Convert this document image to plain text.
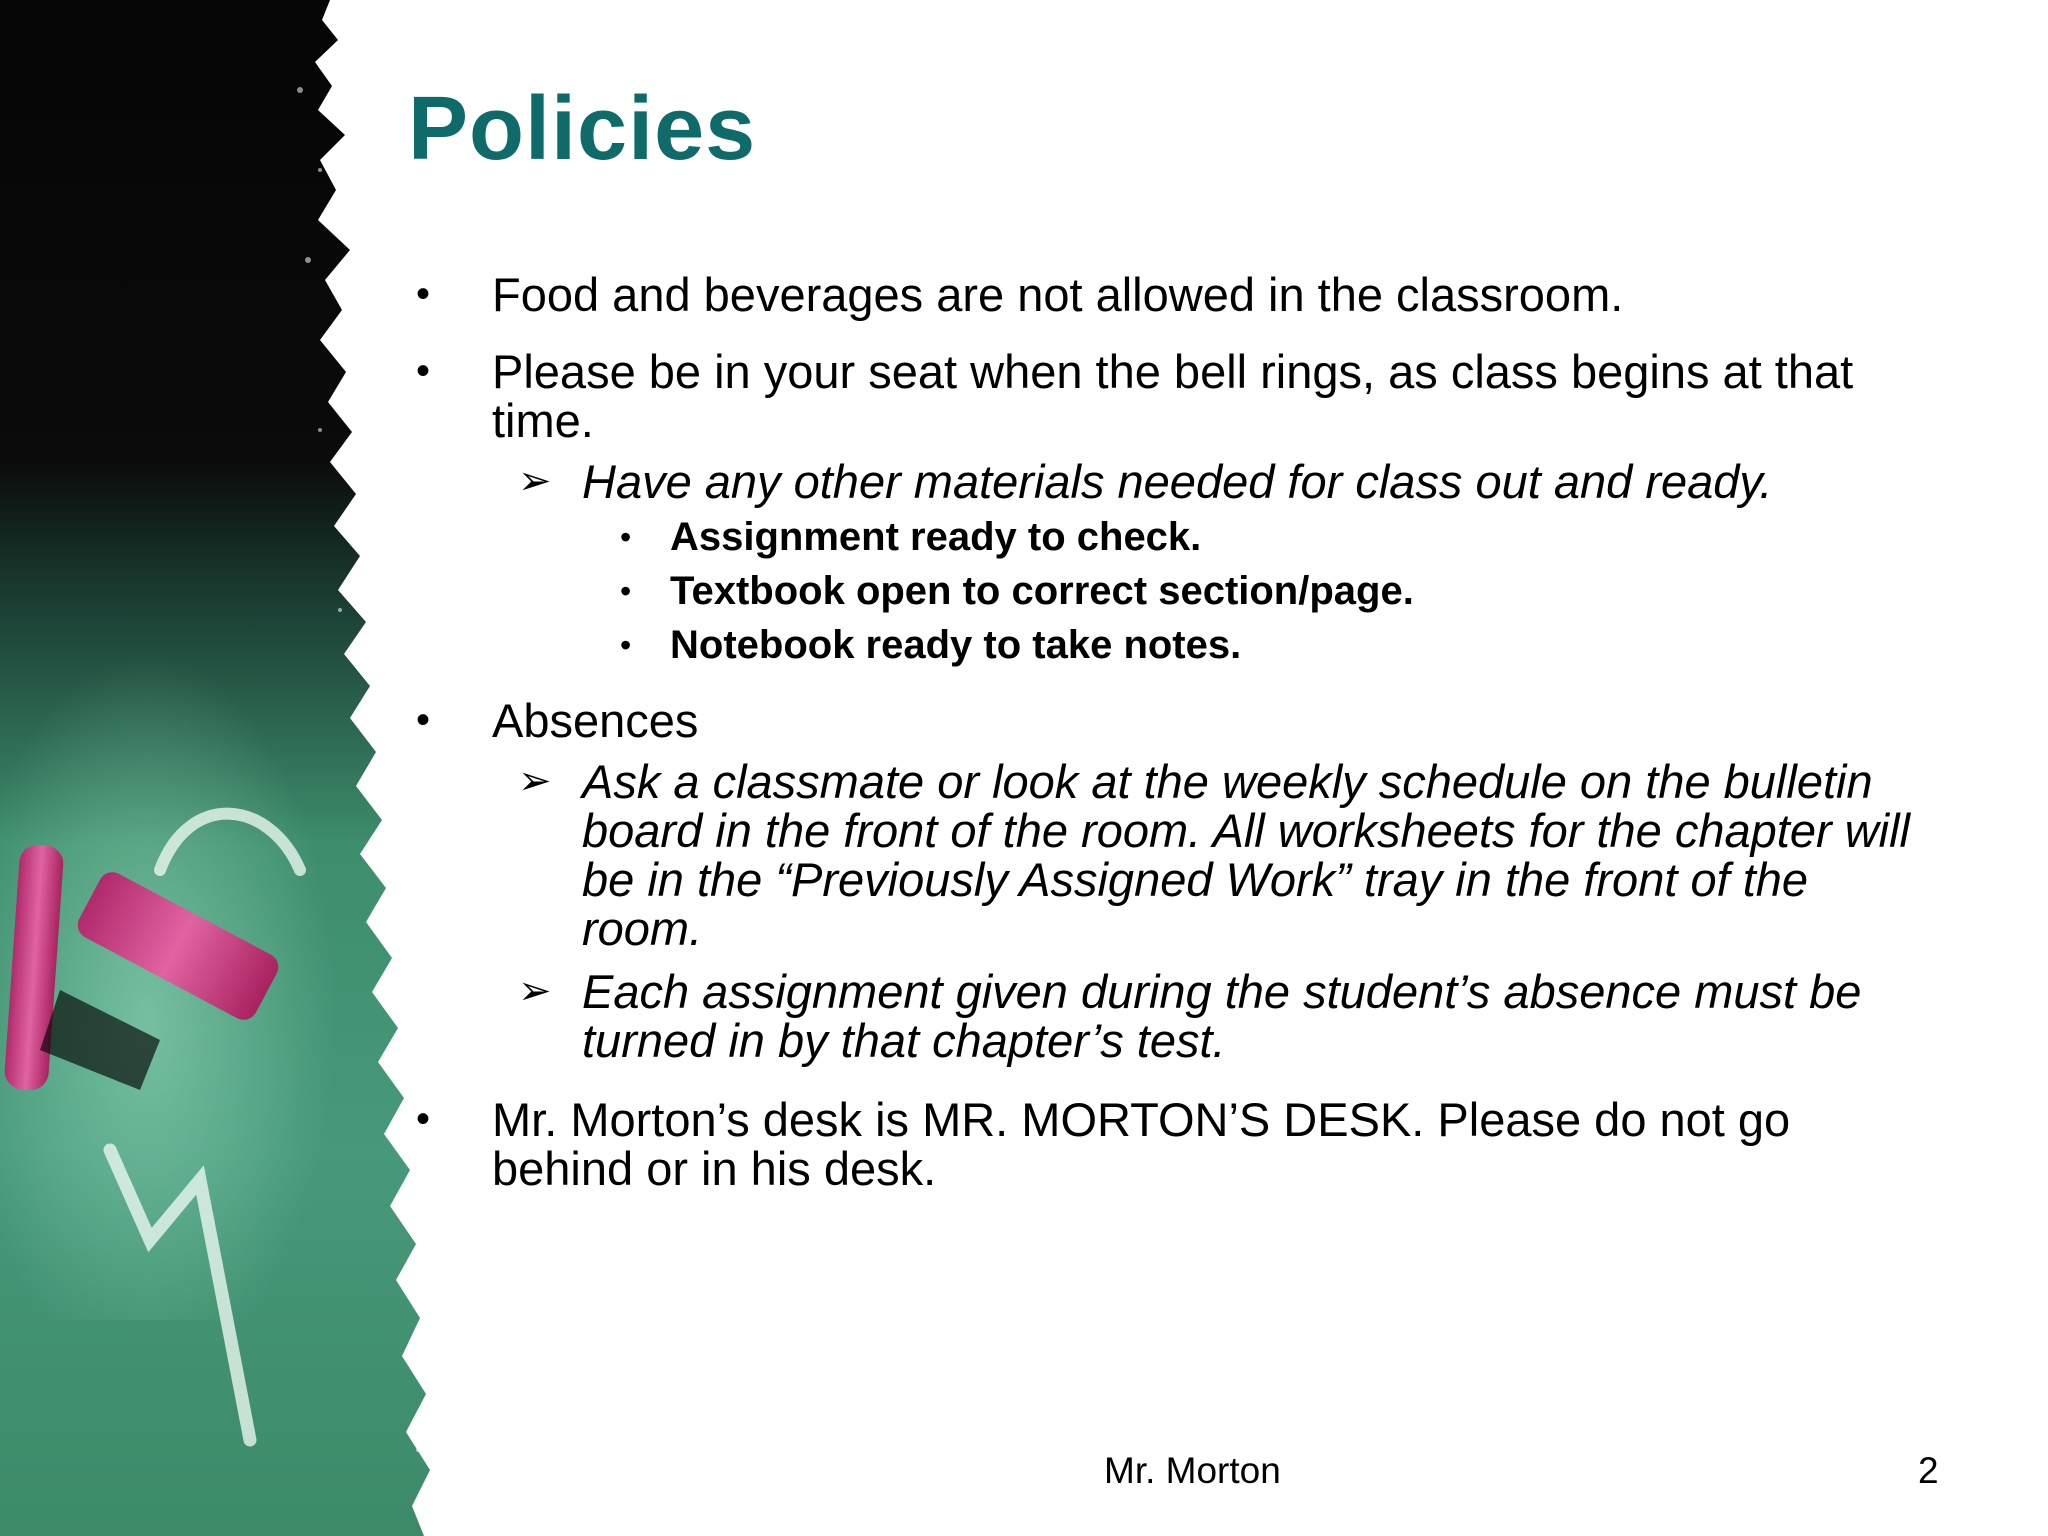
Policies
• Food and beverages are not allowed in the classroom.
• Please be in your seat when the bell rings, as class begins at that time.
➢ Have any other materials needed for class out and ready.
• Assignment ready to check.
• Textbook open to correct section/page.
• Notebook ready to take notes.
• Absences
➢ Ask a classmate or look at the weekly schedule on the bulletin board in the front of the room. All worksheets for the chapter will be in the “Previously Assigned Work” tray in the front of the room.
➢ Each assignment given during the student’s absence must be turned in by that chapter’s test.
• Mr. Morton’s desk is MR. MORTON’S DESK. Please do not go behind or in his desk.
Mr. Morton	2
